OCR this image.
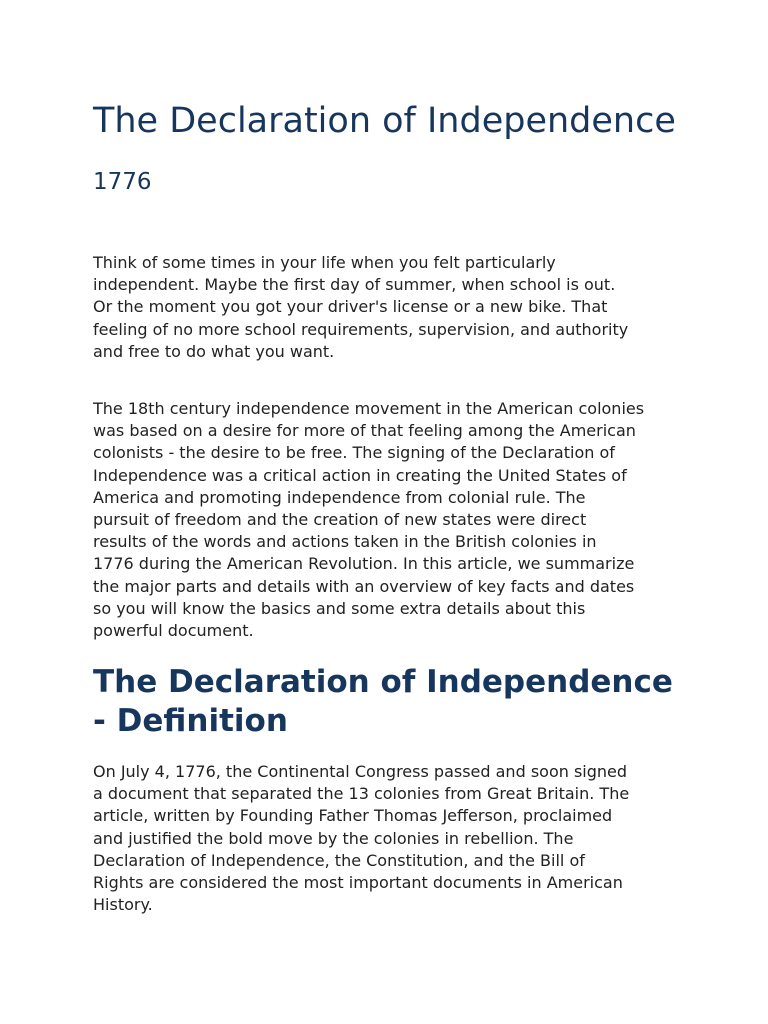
The Declaration of Independence
1776

Think of some times in your life when you felt particularly
independent. Maybe the first day of summer, when school is out.
Or the moment you got your driver's license or a new bike. That
feeling of no more school requirements, supervision, and authority
and free to do what you want.

The 18th century independence movement in the American colonies
was based on a desire for more of that feeling among the American
colonists - the desire to be free. The signing of the Declaration of
Independence was a critical action in creating the United States of
America and promoting independence from colonial rule. The
pursuit of freedom and the creation of new states were direct
results of the words and actions taken in the British colonies in
1776 during the American Revolution. In this article, we summarize
the major parts and details with an overview of key facts and dates
so you will know the basics and some extra details about this
powerful document.

The Declaration of Independence
- Definition

On July 4, 1776, the Continental Congress passed and soon signed
a document that separated the 13 colonies from Great Britain. The
article, written by Founding Father Thomas Jefferson, proclaimed
and justified the bold move by the colonies in rebellion. The
Declaration of Independence, the Constitution, and the Bill of
Rights are considered the most important documents in American
History.
